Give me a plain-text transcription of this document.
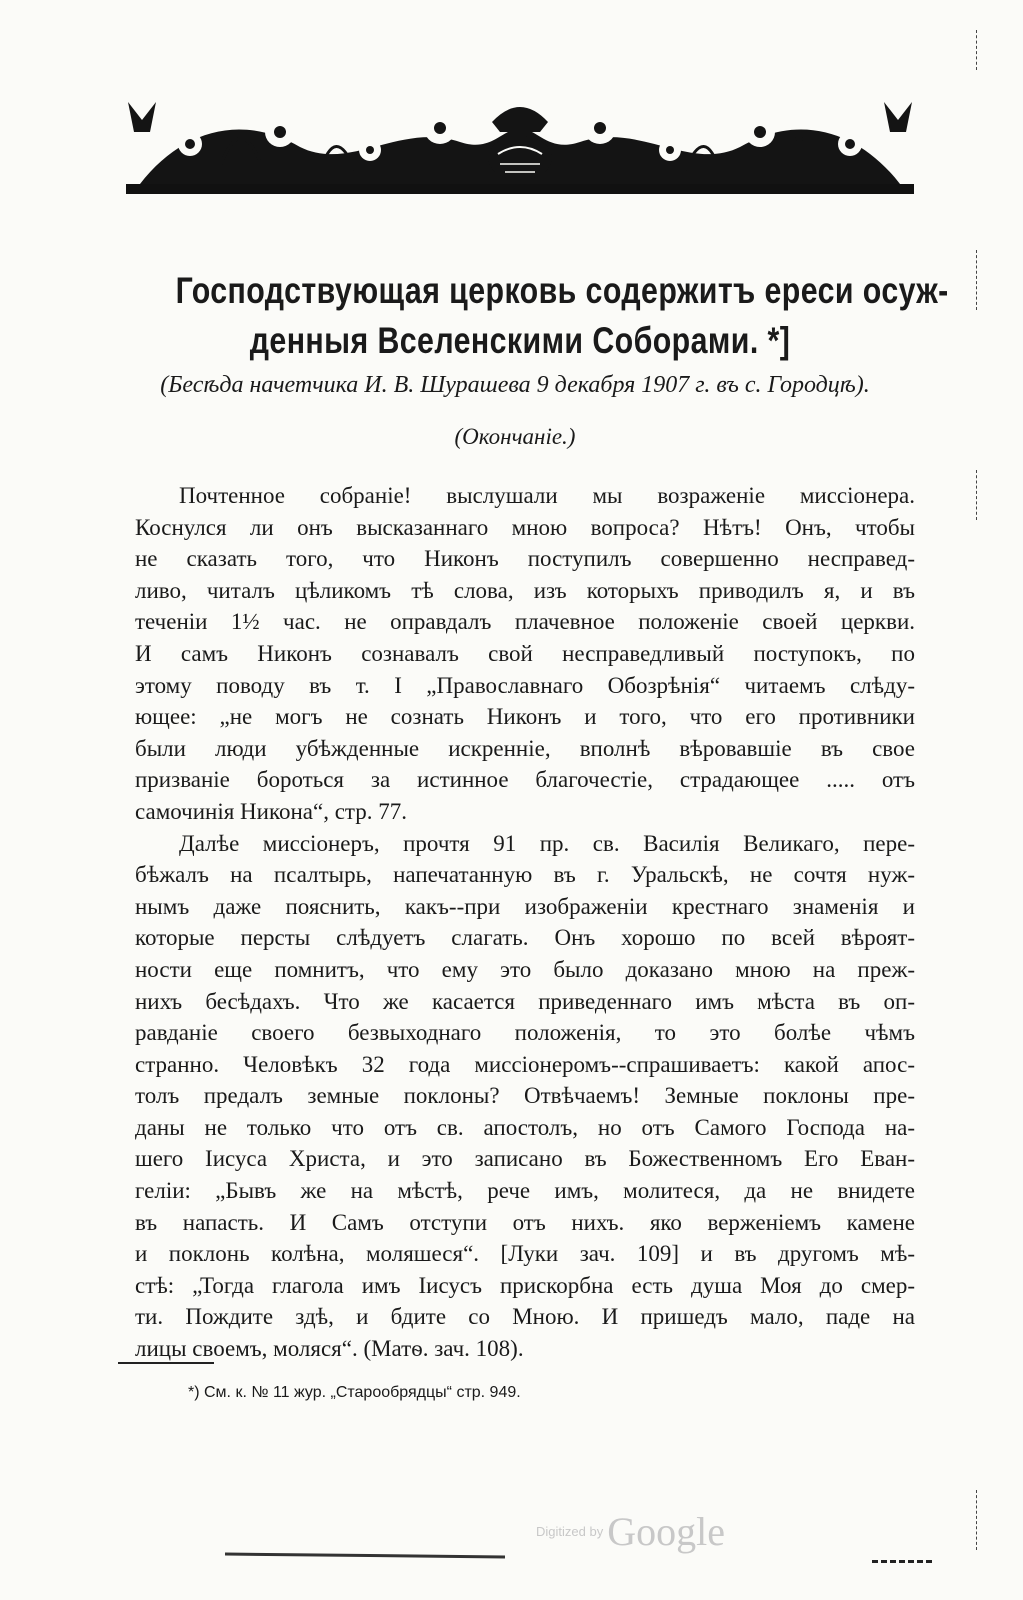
Господствующая церковь содержитъ ереси осуж-
денныя Вселенскими Соборами. *]
(Бесѣда начетчика И. В. Шурашева 9 декабря 1907 г. въ с. Городцѣ).
(Окончаніе.)
Почтенное собраніе! выслушали мы возраженіе миссіонера.
Коснулся ли онъ высказаннаго мною вопроса? Нѣтъ! Онъ, чтобы
не сказать того, что Никонъ поступилъ совершенно несправед-
ливо, читалъ цѣликомъ тѣ слова, изъ которыхъ приводилъ я, и въ
теченіи 1½ час. не оправдалъ плачевное положеніе своей церкви.
И самъ Никонъ сознавалъ свой несправедливый поступокъ, по
этому поводу въ т. I „Православнаго Обозрѣнія“ читаемъ слѣду-
ющее: „не могъ не сознать Никонъ и того, что его противники
были люди убѣжденные искренніе, вполнѣ вѣровавшіе въ свое
призваніе бороться за истинное благочестіе, страдающее ..... отъ
самочинія Никона“, стр. 77.
Далѣе миссіонеръ, прочтя 91 пр. св. Василія Великаго, пере-
бѣжалъ на псалтырь, напечатанную въ г. Уральскѣ, не сочтя нуж-
нымъ даже пояснить, какъ--при изображеніи крестнаго знаменія и
которые персты слѣдуетъ слагать. Онъ хорошо по всей вѣроят-
ности еще помнитъ, что ему это было доказано мною на преж-
нихъ бесѣдахъ. Что же касается приведеннаго имъ мѣста въ оп-
равданіе своего безвыходнаго положенія, то это болѣе чѣмъ
странно. Человѣкъ 32 года миссіонеромъ--спрашиваетъ: какой апос-
толъ предалъ земные поклоны? Отвѣчаемъ! Земные поклоны пре-
даны не только что отъ св. апостолъ, но отъ Самого Господа на-
шего Іисуса Христа, и это записано въ Божественномъ Его Еван-
геліи: „Бывъ же на мѣстѣ, рече имъ, молитеся, да не внидете
въ напасть. И Самъ отступи отъ нихъ. яко верженіемъ камене
и поклонь колѣна, моляшеся“. [Луки зач. 109] и въ другомъ мѣ-
стѣ: „Тогда глагола имъ Іисусъ прискорбна есть душа Моя до смер-
ти. Пождите здѣ, и бдите со Мною. И пришедъ мало, паде на
лицы своемъ, моляся“. (Матѳ. зач. 108).
*) См. к. № 11 жур. „Старообрядцы“ стр. 949.
Digitized by Google
